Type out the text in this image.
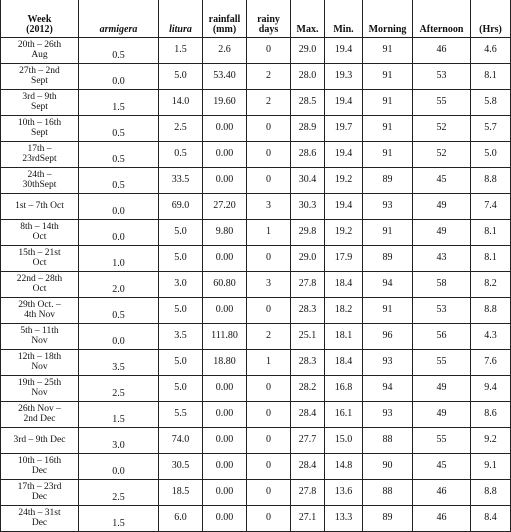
Week
(2012)	armigera	litura	rainfall
(mm)	rainy
days	Max.	Min.	Morning	Afternoon	(Hrs)

20th – 26th
Aug	0.5	1.5	2.6	0	29.0	19.4	91	46	4.6

27th – 2nd
Sept	0.0	5.0	53.40	2	28.0	19.3	91	53	8.1

3rd – 9th
Sept	1.5	14.0	19.60	2	28.5	19.4	91	55	5.8

10th – 16th
Sept	0.5	2.5	0.00	0	28.9	19.7	91	52	5.7

17th –
23rdSept	0.5	0.5	0.00	0	28.6	19.4	91	52	5.0

24th –
30thSept	0.5	33.5	0.00	0	30.4	19.2	89	45	8.8

1st – 7th Oct	0.0	69.0	27.20	3	30.3	19.4	93	49	7.4

8th – 14th
Oct	0.0	5.0	9.80	1	29.8	19.2	91	49	8.1

15th – 21st
Oct	1.0	5.0	0.00	0	29.0	17.9	89	43	8.1

22nd – 28th
Oct	2.0	3.0	60.80	3	27.8	18.4	94	58	8.2

29th Oct. –
4th Nov	0.5	5.0	0.00	0	28.3	18.2	91	53	8.8

5th – 11th
Nov	0.0	3.5	111.80	2	25.1	18.1	96	56	4.3

12th – 18th
Nov	3.5	5.0	18.80	1	28.3	18.4	93	55	7.6

19th – 25th
Nov	2.5	5.0	0.00	0	28.2	16.8	94	49	9.4

26th Nov –
2nd Dec	1.5	5.5	0.00	0	28.4	16.1	93	49	8.6

3rd – 9th Dec	3.0	74.0	0.00	0	27.7	15.0	88	55	9.2

10th – 16th
Dec	0.0	30.5	0.00	0	28.4	14.8	90	45	9.1

17th – 23rd
Dec	2.5	18.5	0.00	0	27.8	13.6	88	46	8.8

24th – 31st
Dec	1.5	6.0	0.00	0	27.1	13.3	89	46	8.4
